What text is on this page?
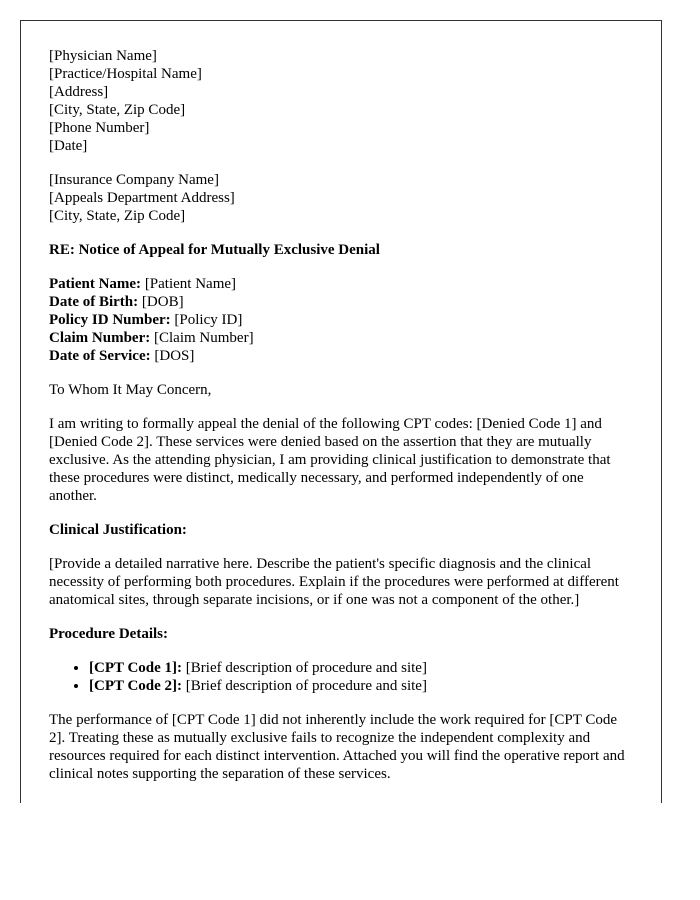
[Physician Name]
[Practice/Hospital Name]
[Address]
[City, State, Zip Code]
[Phone Number]
[Date]

[Insurance Company Name]
[Appeals Department Address]
[City, State, Zip Code]

RE: Notice of Appeal for Mutually Exclusive Denial

Patient Name: [Patient Name]
Date of Birth: [DOB]
Policy ID Number: [Policy ID]
Claim Number: [Claim Number]
Date of Service: [DOS]

To Whom It May Concern,

I am writing to formally appeal the denial of the following CPT codes: [Denied Code 1] and [Denied Code 2]. These services were denied based on the assertion that they are mutually exclusive. As the attending physician, I am providing clinical justification to demonstrate that these procedures were distinct, medically necessary, and performed independently of one another.

Clinical Justification:

[Provide a detailed narrative here. Describe the patient's specific diagnosis and the clinical necessity of performing both procedures. Explain if the procedures were performed at different anatomical sites, through separate incisions, or if one was not a component of the other.]

Procedure Details:

• [CPT Code 1]: [Brief description of procedure and site]
• [CPT Code 2]: [Brief description of procedure and site]

The performance of [CPT Code 1] did not inherently include the work required for [CPT Code 2]. Treating these as mutually exclusive fails to recognize the independent complexity and resources required for each distinct intervention. Attached you will find the operative report and clinical notes supporting the separation of these services.
